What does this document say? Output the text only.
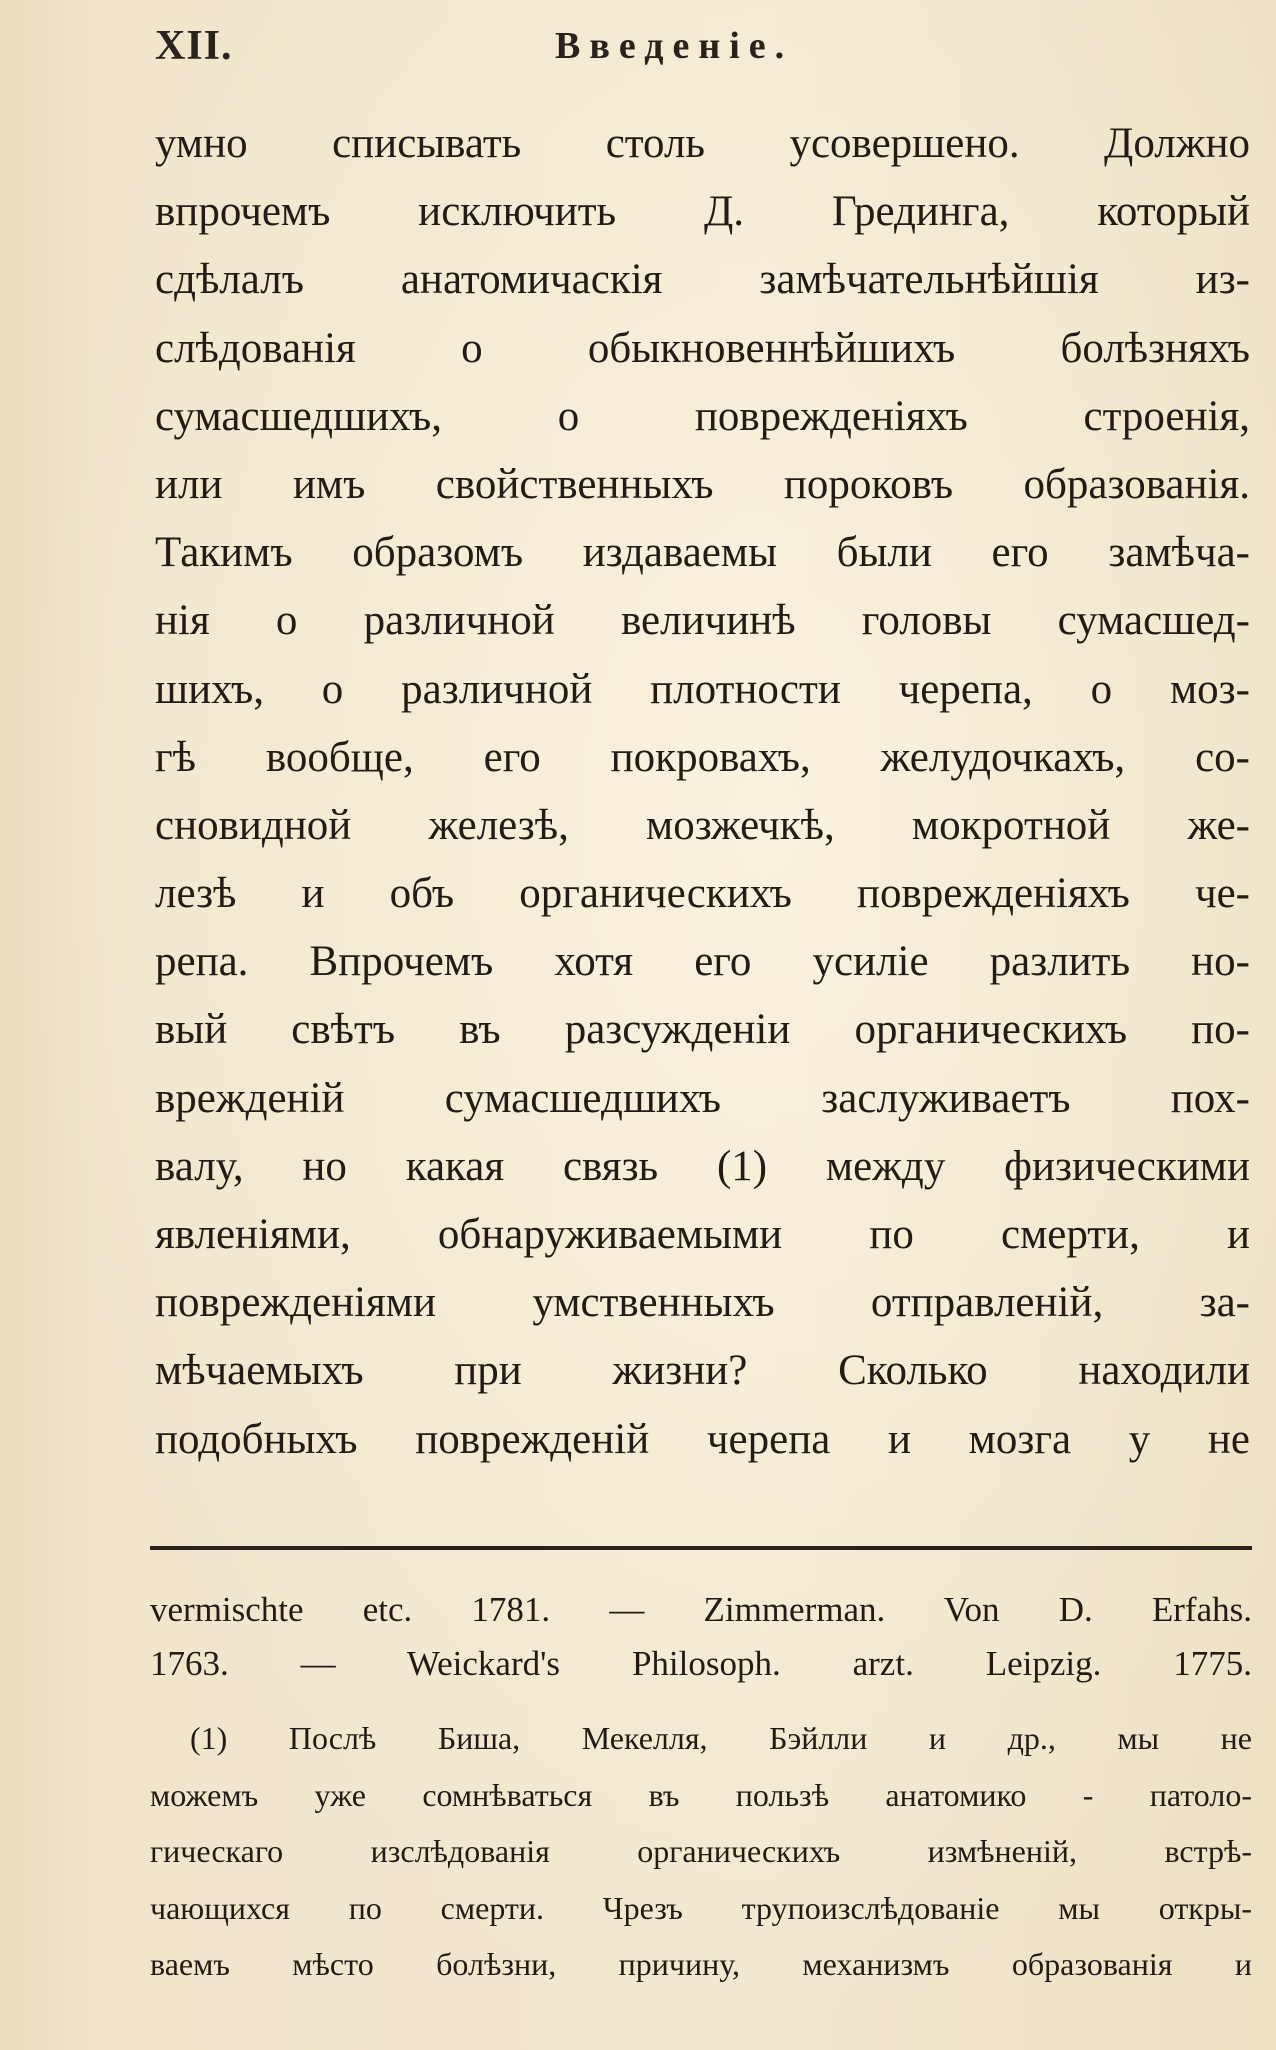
XII.	Введеніе.
умно списывать столь усовершено. Должно
впрочемъ исключить Д. Грединга, который
сдѣлалъ анатомичаскія замѣчательнѣйшія из-
слѣдованія о обыкновеннѣйшихъ болѣзняхъ
сумасшедшихъ, о поврежденіяхъ строенія,
или имъ свойственныхъ пороковъ образованія.
Такимъ образомъ издаваемы были его замѣча-
нія о различной величинѣ головы сумасшед-
шихъ, о различной плотности черепа, о моз-
гѣ вообще, его покровахъ, желудочкахъ, со-
сновидной железѣ, мозжечкѣ, мокротной же-
лезѣ и объ органическихъ поврежденіяхъ че-
репа. Впрочемъ хотя его усиліе разлить но-
вый свѣтъ въ разсужденіи органическихъ по-
врежденій сумасшедшихъ заслуживаетъ пох-
валу, но какая связь (1) между физическими
явленіями, обнаруживаемыми по смерти, и
поврежденіями умственныхъ отправленій, за-
мѣчаемыхъ при жизни? Сколько находили
подобныхъ поврежденій черепа и мозга у не
vermischte etc. 1781. — Zimmerman. Von D. Erfahs.
1763. — Weickard's Philosoph. arzt. Leipzig. 1775.
(1) Послѣ Биша, Мекелля, Бэйлли и др., мы не
можемъ уже сомнѣваться въ пользѣ анатомико - патоло-
гическаго изслѣдованія органическихъ измѣненій, встрѣ-
чающихся по смерти. Чрезъ трупоизслѣдованіе мы откры-
ваемъ мѣсто болѣзни, причину, механизмъ образованія и
